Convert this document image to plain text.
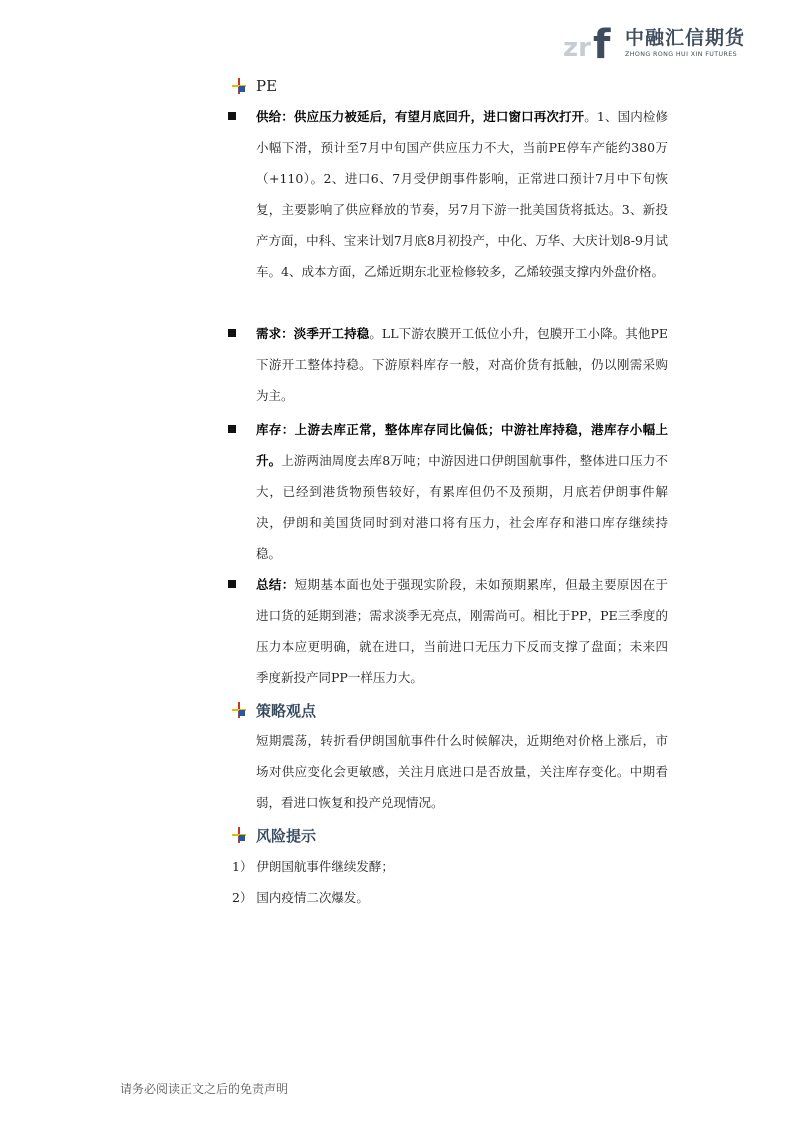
zr f 中融汇信期货
ZHONG RONG HUI XIN FUTURES
PE

供给：供应压力被延后，有望月底回升，进口窗口再次打开。1、国内检修小幅下滑，预计至7月中旬国产供应压力不大，当前PE停车产能约380万（+110）。2、进口6、7月受伊朗事件影响，正常进口预计7月中下旬恢复，主要影响了供应释放的节奏，另7月下游一批美国货将抵达。3、新投产方面，中科、宝来计划7月底8月初投产，中化、万华、大庆计划8-9月试车。4、成本方面，乙烯近期东北亚检修较多，乙烯较强支撑内外盘价格。

需求：淡季开工持稳。LL下游农膜开工低位小升，包膜开工小降。其他PE下游开工整体持稳。下游原料库存一般，对高价货有抵触，仍以刚需采购为主。

库存：上游去库正常，整体库存同比偏低；中游社库持稳，港库存小幅上升。上游两油周度去库8万吨；中游因进口伊朗国航事件，整体进口压力不大，已经到港货物预售较好，有累库但仍不及预期，月底若伊朗事件解决，伊朗和美国货同时到对港口将有压力，社会库存和港口库存继续持稳。

总结：短期基本面也处于强现实阶段，未如预期累库，但最主要原因在于进口货的延期到港；需求淡季无亮点，刚需尚可。相比于PP，PE三季度的压力本应更明确，就在进口，当前进口无压力下反而支撑了盘面；未来四季度新投产同PP一样压力大。

策略观点

短期震荡，转折看伊朗国航事件什么时候解决，近期绝对价格上涨后，市场对供应变化会更敏感，关注月底进口是否放量，关注库存变化。中期看弱，看进口恢复和投产兑现情况。

风险提示
1） 伊朗国航事件继续发酵；
2） 国内疫情二次爆发。
请务必阅读正文之后的免责声明
